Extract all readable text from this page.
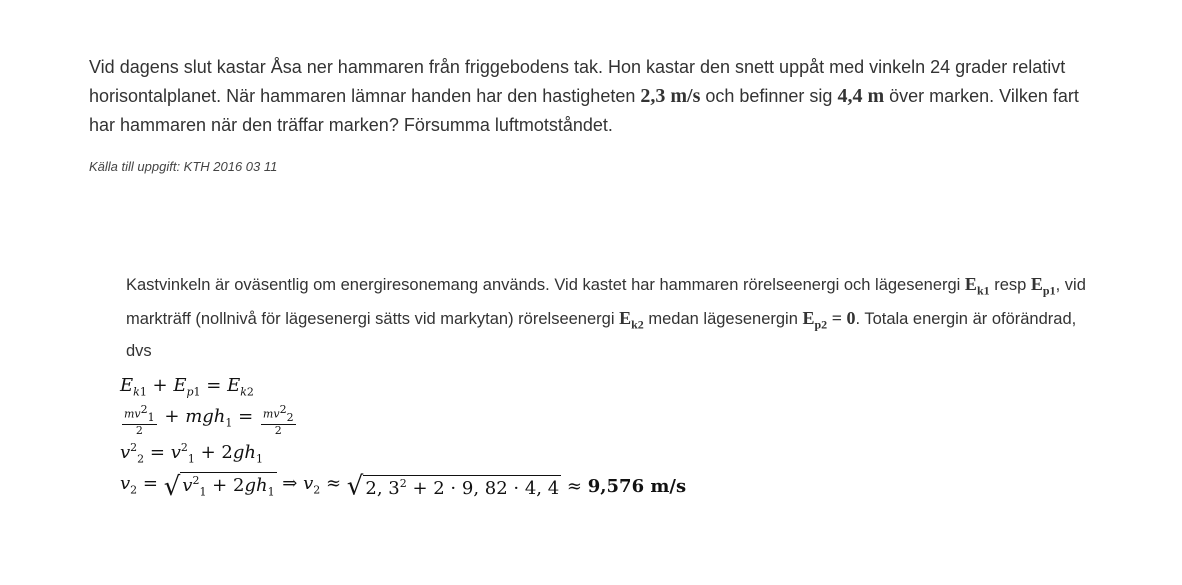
Vid dagens slut kastar Åsa ner hammaren från friggebodens tak. Hon kastar den snett uppåt med vinkeln 24 grader relativt horisontalplanet. När hammaren lämnar handen har den hastigheten 2,3 m/s och befinner sig 4,4 m över marken. Vilken fart har hammaren när den träffar marken? Försumma luftmotståndet.
Källa till uppgift: KTH 2016 03 11
Kastvinkeln är oväsentlig om energiresonemang används. Vid kastet har hammaren rörelseenergi och lägesenergi $E_{k1}$ resp $E_{p1}$, vid markträff (nollnivå för lägesenergi sätts vid markytan) rörelseenergi $E_{k2}$ medan lägesenergin $E_{p2} = 0$. Totala energin är oförändrad, dvs
$E_{k1} + E_{p1} = E_{k2}$
$\frac{mv^2_1}{2} + mgh_1 = \frac{mv^2_2}{2}$
$v^2_2 = v^2_1 + 2gh_1$
$v_2$ = √ $v^2_1 + 2gh_1$ ⇒ $v_2$ ≈ √ 2, $3^2 + 2 \cdot 9$, 82 · 4, 4 ≈ 9,576 m/s
